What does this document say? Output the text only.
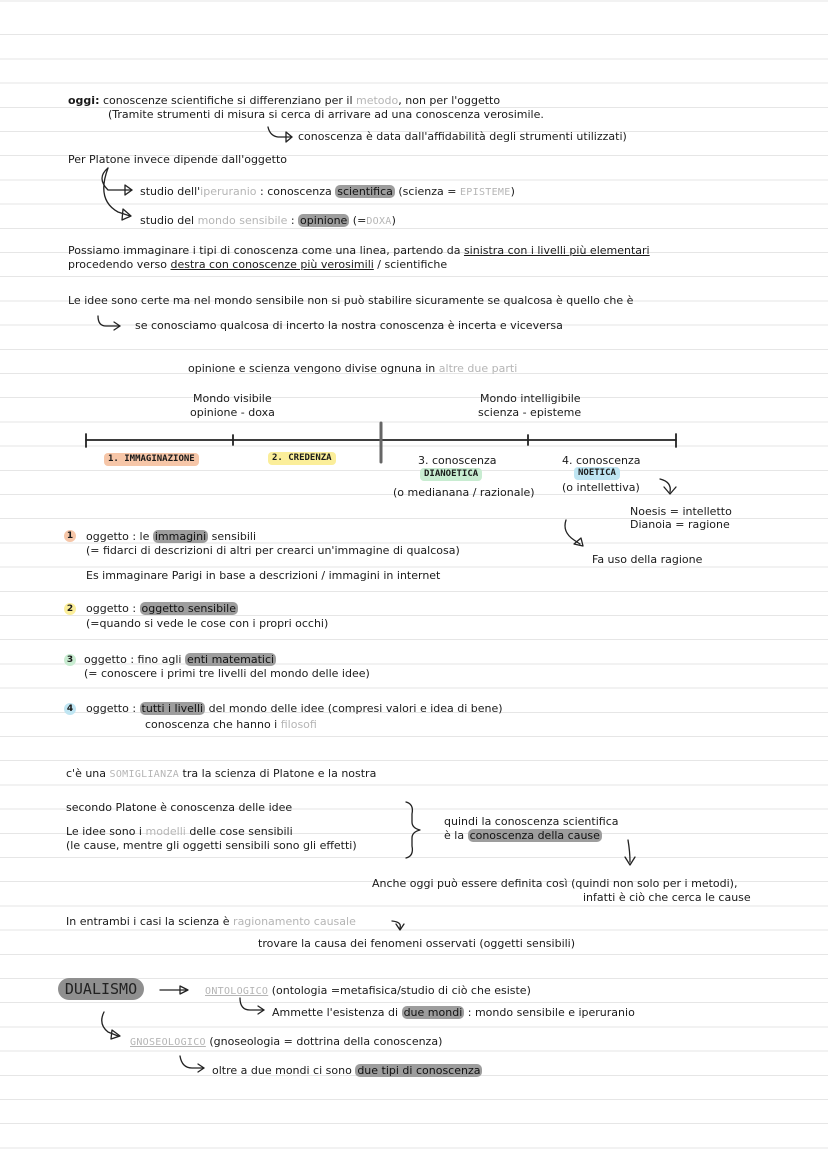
oggi: conoscenze scientifiche si differenziano per il metodo, non per l'oggetto
(Tramite strumenti di misura si cerca di arrivare ad una conoscenza verosimile.
conoscenza è data dall'affidabilità degli strumenti utilizzati)
Per Platone invece dipende dall'oggetto
studio dell'iperuranio : conoscenza scientifica (scienza = EPISTEME)
studio del mondo sensibile : opinione (=DOXA)
Possiamo immaginare i tipi di conoscenza come una linea, partendo da sinistra con i livelli più elementari
procedendo verso destra con conoscenze più verosimili / scientifiche
Le idee sono certe ma nel mondo sensibile non si può stabilire sicuramente se qualcosa è quello che è
se conosciamo qualcosa di incerto la nostra conoscenza è incerta e viceversa
opinione e scienza vengono divise ognuna in altre due parti
Mondo visibile
opinione - doxa
Mondo intelligibile
scienza - episteme
1. IMMAGINAZIONE	2. CREDENZA	3. conoscenza
DIANOETICA
(o medianana / razionale)
4. conoscenza
NOETICA
(o intellettiva)
Noesis = intelletto
Dianoia = ragione
Fa uso della ragione
1 oggetto : le immagini sensibili
(= fidarci di descrizioni di altri per crearci un'immagine di qualcosa)
Es immaginare Parigi in base a descrizioni / immagini in internet
2 oggetto : oggetto sensibile
(=quando si vede le cose con i propri occhi)
3 oggetto : fino agli enti matematici
(= conoscere i primi tre livelli del mondo delle idee)
4 oggetto : tutti i livelli del mondo delle idee (compresi valori e idea di bene)
conoscenza che hanno i filosofi
c'è una SOMIGLIANZA tra la scienza di Platone e la nostra
secondo Platone è conoscenza delle idee
Le idee sono i modelli delle cose sensibili
(le cause, mentre gli oggetti sensibili sono gli effetti)
quindi la conoscenza scientifica
è la conoscenza della cause
Anche oggi può essere definita così (quindi non solo per i metodi),
infatti è ciò che cerca le cause
In entrambi i casi la scienza è ragionamento causale
trovare la causa dei fenomeni osservati (oggetti sensibili)
DUALISMO	ONTOLOGICO (ontologia =metafisica/studio di ciò che esiste)
Ammette l'esistenza di due mondi : mondo sensibile e iperuranio
GNOSEOLOGICO (gnoseologia = dottrina della conoscenza)
oltre a due mondi ci sono due tipi di conoscenza
